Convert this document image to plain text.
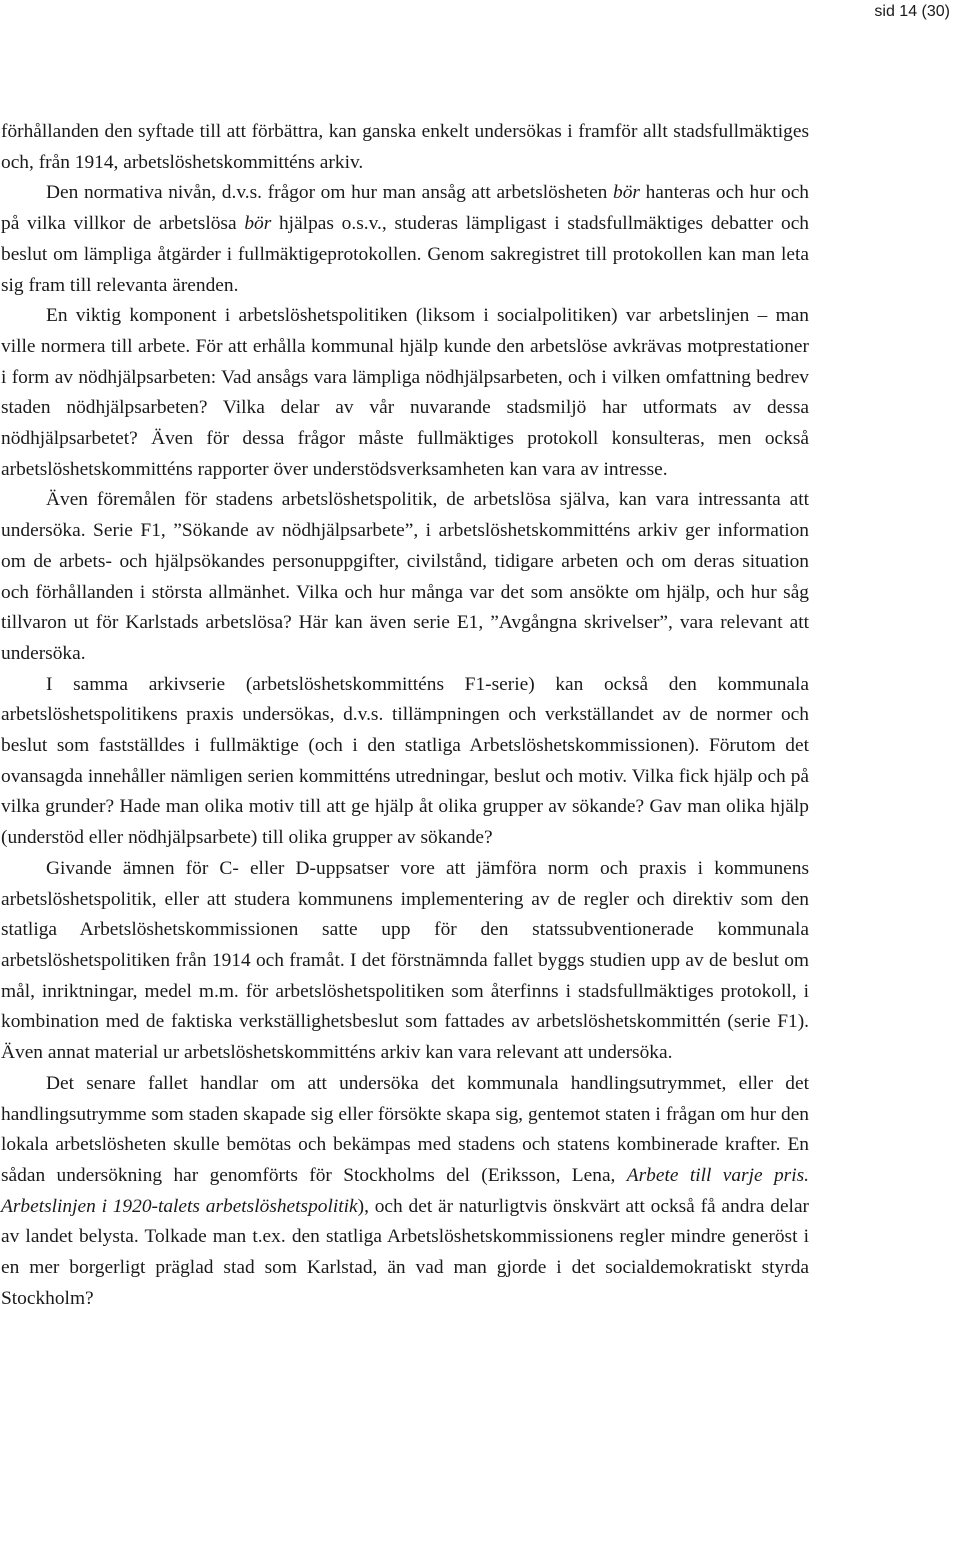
sid 14 (30)

förhållanden den syftade till att förbättra, kan ganska enkelt undersökas i framför allt stadsfullmäktiges och, från 1914, arbetslöshetskommitténs arkiv.

Den normativa nivån, d.v.s. frågor om hur man ansåg att arbetslösheten bör hanteras och hur och på vilka villkor de arbetslösa bör hjälpas o.s.v., studeras lämpligast i stadsfullmäktiges debatter och beslut om lämpliga åtgärder i fullmäktigeprotokollen. Genom sakregistret till protokollen kan man leta sig fram till relevanta ärenden.

En viktig komponent i arbetslöshetspolitiken (liksom i socialpolitiken) var arbetslinjen – man ville normera till arbete. För att erhålla kommunal hjälp kunde den arbetslöse avkrävas motprestationer i form av nödhjälpsarbeten: Vad ansågs vara lämpliga nödhjälpsarbeten, och i vilken omfattning bedrev staden nödhjälpsarbeten? Vilka delar av vår nuvarande stadsmiljö har utformats av dessa nödhjälpsarbetet? Även för dessa frågor måste fullmäktiges protokoll konsulteras, men också arbetslöshetskommitténs rapporter över understödsverksamheten kan vara av intresse.

Även föremålen för stadens arbetslöshetspolitik, de arbetslösa själva, kan vara intressanta att undersöka. Serie F1, ”Sökande av nödhjälpsarbete”, i arbetslöshetskommitténs arkiv ger information om de arbets- och hjälpsökandes personuppgifter, civilstånd, tidigare arbeten och om deras situation och förhållanden i största allmänhet. Vilka och hur många var det som ansökte om hjälp, och hur såg tillvaron ut för Karlstads arbetslösa? Här kan även serie E1, ”Avgångna skrivelser”, vara relevant att undersöka.

I samma arkivserie (arbetslöshetskommitténs F1-serie) kan också den kommunala arbetslöshetspolitikens praxis undersökas, d.v.s. tillämpningen och verkställandet av de normer och beslut som fastställdes i fullmäktige (och i den statliga Arbetslöshetskommissionen). Förutom det ovansagda innehåller nämligen serien kommitténs utredningar, beslut och motiv. Vilka fick hjälp och på vilka grunder? Hade man olika motiv till att ge hjälp åt olika grupper av sökande? Gav man olika hjälp (understöd eller nödhjälpsarbete) till olika grupper av sökande?

Givande ämnen för C- eller D-uppsatser vore att jämföra norm och praxis i kommunens arbetslöshetspolitik, eller att studera kommunens implementering av de regler och direktiv som den statliga Arbetslöshetskommissionen satte upp för den statssubventionerade kommunala arbetslöshetspolitiken från 1914 och framåt. I det förstnämnda fallet byggs studien upp av de beslut om mål, inriktningar, medel m.m. för arbetslöshetspolitiken som återfinns i stadsfullmäktiges protokoll, i kombination med de faktiska verkställighetsbeslut som fattades av arbetslöshetskommittén (serie F1). Även annat material ur arbetslöshetskommitténs arkiv kan vara relevant att undersöka.

Det senare fallet handlar om att undersöka det kommunala handlingsutrymmet, eller det handlingsutrymme som staden skapade sig eller försökte skapa sig, gentemot staten i frågan om hur den lokala arbetslösheten skulle bemötas och bekämpas med stadens och statens kombinerade krafter. En sådan undersökning har genomförts för Stockholms del (Eriksson, Lena, Arbete till varje pris. Arbetslinjen i 1920-talets arbetslöshetspolitik), och det är naturligtvis önskvärt att också få andra delar av landet belysta. Tolkade man t.ex. den statliga Arbetslöshetskommissionens regler mindre generöst i en mer borgerligt präglad stad som Karlstad, än vad man gjorde i det socialdemokratiskt styrda Stockholm?
